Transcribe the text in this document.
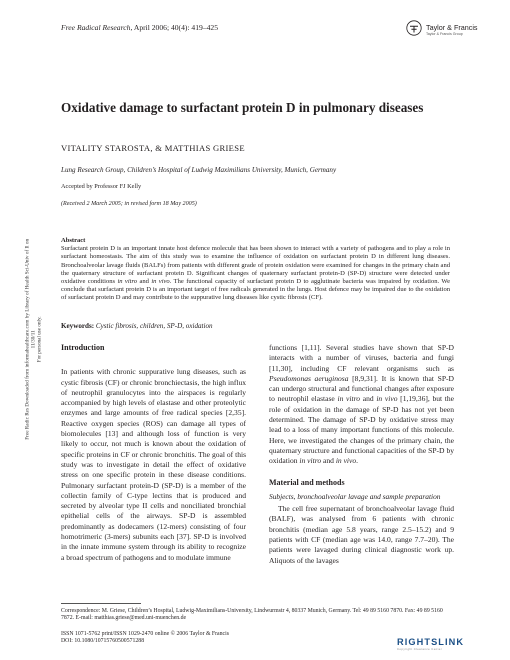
Free Radic Res Downloaded from informahealthcare.com by Library of Health Sci-Univ of Il on 11/30/11 For personal use only.
Free Radical Research, April 2006; 40(4): 419–425	Taylor & Francis
Taylor & Francis Group
Oxidative damage to surfactant protein D in pulmonary diseases
VITALITY STAROSTA, & MATTHIAS GRIESE
Lung Research Group, Children’s Hospital of Ludwig Maximilians University, Munich, Germany
Accepted by Professor FJ Kelly
(Received 2 March 2005; in revised form 18 May 2005)
Abstract
Surfactant protein D is an important innate host defence molecule that has been shown to interact with a variety of pathogens and to play a role in surfactant homeostasis. The aim of this study was to examine the influence of oxidation on surfactant protein D in different lung diseases. Bronchoalveolar lavage fluids (BALFs) from patients with different grade of protein oxidation were examined for changes in the primary chain and the quaternary structure of surfactant protein D. Significant changes of quaternary surfactant protein-D (SP-D) structure were detected under oxidative conditions in vitro and in vivo. The functional capacity of surfactant protein D to agglutinate bacteria was impaired by oxidation. We conclude that surfactant protein D is an important target of free radicals generated in the lungs. Host defence may be impaired due to the oxidation of surfactant protein D and may contribute to the suppurative lung diseases like cystic fibrosis (CF).
Keywords: Cystic fibrosis, children, SP-D, oxidation
Introduction

In patients with chronic suppurative lung diseases, such as cystic fibrosis (CF) or chronic bronchiectasis, the high influx of neutrophil granulocytes into the airspaces is regularly accompanied by high levels of elastase and other proteolytic enzymes and large amounts of free radical species [2,35]. Reactive oxygen species (ROS) can damage all types of biomolecules [13] and although loss of function is very likely to occur, not much is known about the oxidation of specific proteins in CF or chronic bronchitis. The goal of this study was to investigate in detail the effect of oxidative stress on one specific protein in these disease conditions. Pulmonary surfactant protein-D (SP-D) is a member of the collectin family of C-type lectins that is produced and secreted by alveolar type II cells and nonciliated bronchial epithelial cells of the airways. SP-D is assembled predominantly as dodecamers (12-mers) consisting of four homotrimeric (3-mers) subunits each [37]. SP-D is involved in the innate immune system through its ability to recognize a broad spectrum of pathogens and to modulate immune

functions [1,11]. Several studies have shown that SP-D interacts with a number of viruses, bacteria and fungi [11,30], including CF relevant organisms such as Pseudomonas aeruginosa [8,9,31]. It is known that SP-D can undergo structural and functional changes after exposure to neutrophil elastase in vitro and in vivo [1,19,36], but the role of oxidation in the damage of SP-D has not yet been determined. The damage of SP-D by oxidative stress may lead to a loss of many important functions of this molecule. Here, we investigated the changes of the primary chain, the quaternary structure and functional capacities of the SP-D by oxidation in vitro and in vivo.

Material and methods
Subjects, bronchoalveolar lavage and sample preparation

The cell free supernatant of bronchoalveolar lavage fluid (BALF), was analysed from 6 patients with chronic bronchitis (median age 5.8 years, range 2.5–15.2) and 9 patients with CF (median age was 14.0, range 7.7–20). The patients were lavaged during clinical diagnostic work up. Aliquots of the lavages

Correspondence: M. Griese, Children’s Hospital, Ludwig-Maximilians-University, Lindwurmstr 4, 80337 Munich, Germany. Tel: 49 89 5160 7870. Fax: 49 89 5160 7872. E-mail: matthias.griese@med.uni-muenchen.de
ISSN 1071-5762 print/ISSN 1029-2470 online © 2006 Taylor & Francis
DOI: 10.1080/10715760500571288	RIGHTSLINK
Copyright Clearance Center
